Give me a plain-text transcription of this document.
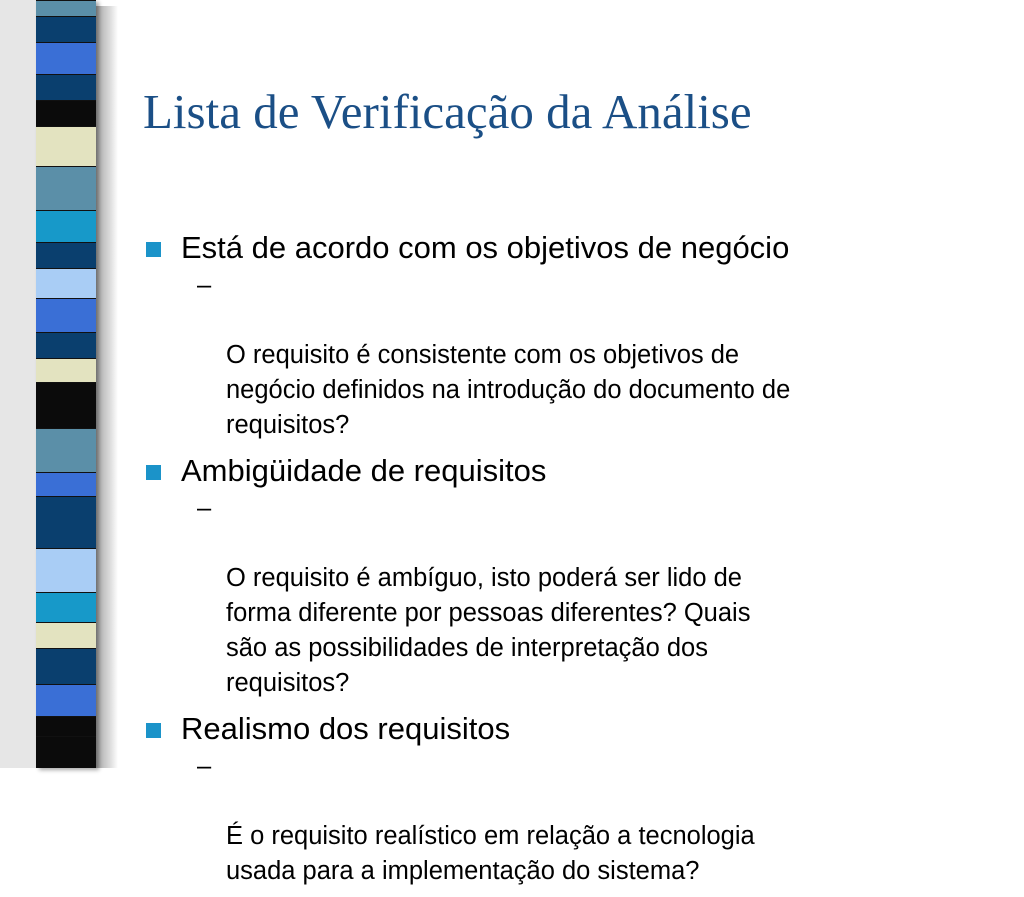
Lista de Verificação da Análise
Está de acordo com os objetivos de negócio

–

O requisito é consistente com os objetivos de
negócio definidos na introdução do documento de
requisitos?

Ambigüidade de requisitos

–

O requisito é ambíguo, isto poderá ser lido de
forma diferente por pessoas diferentes? Quais
são as possibilidades de interpretação dos
requisitos?

Realismo dos requisitos

–

É o requisito realístico em relação a tecnologia
usada para a implementação do sistema?
